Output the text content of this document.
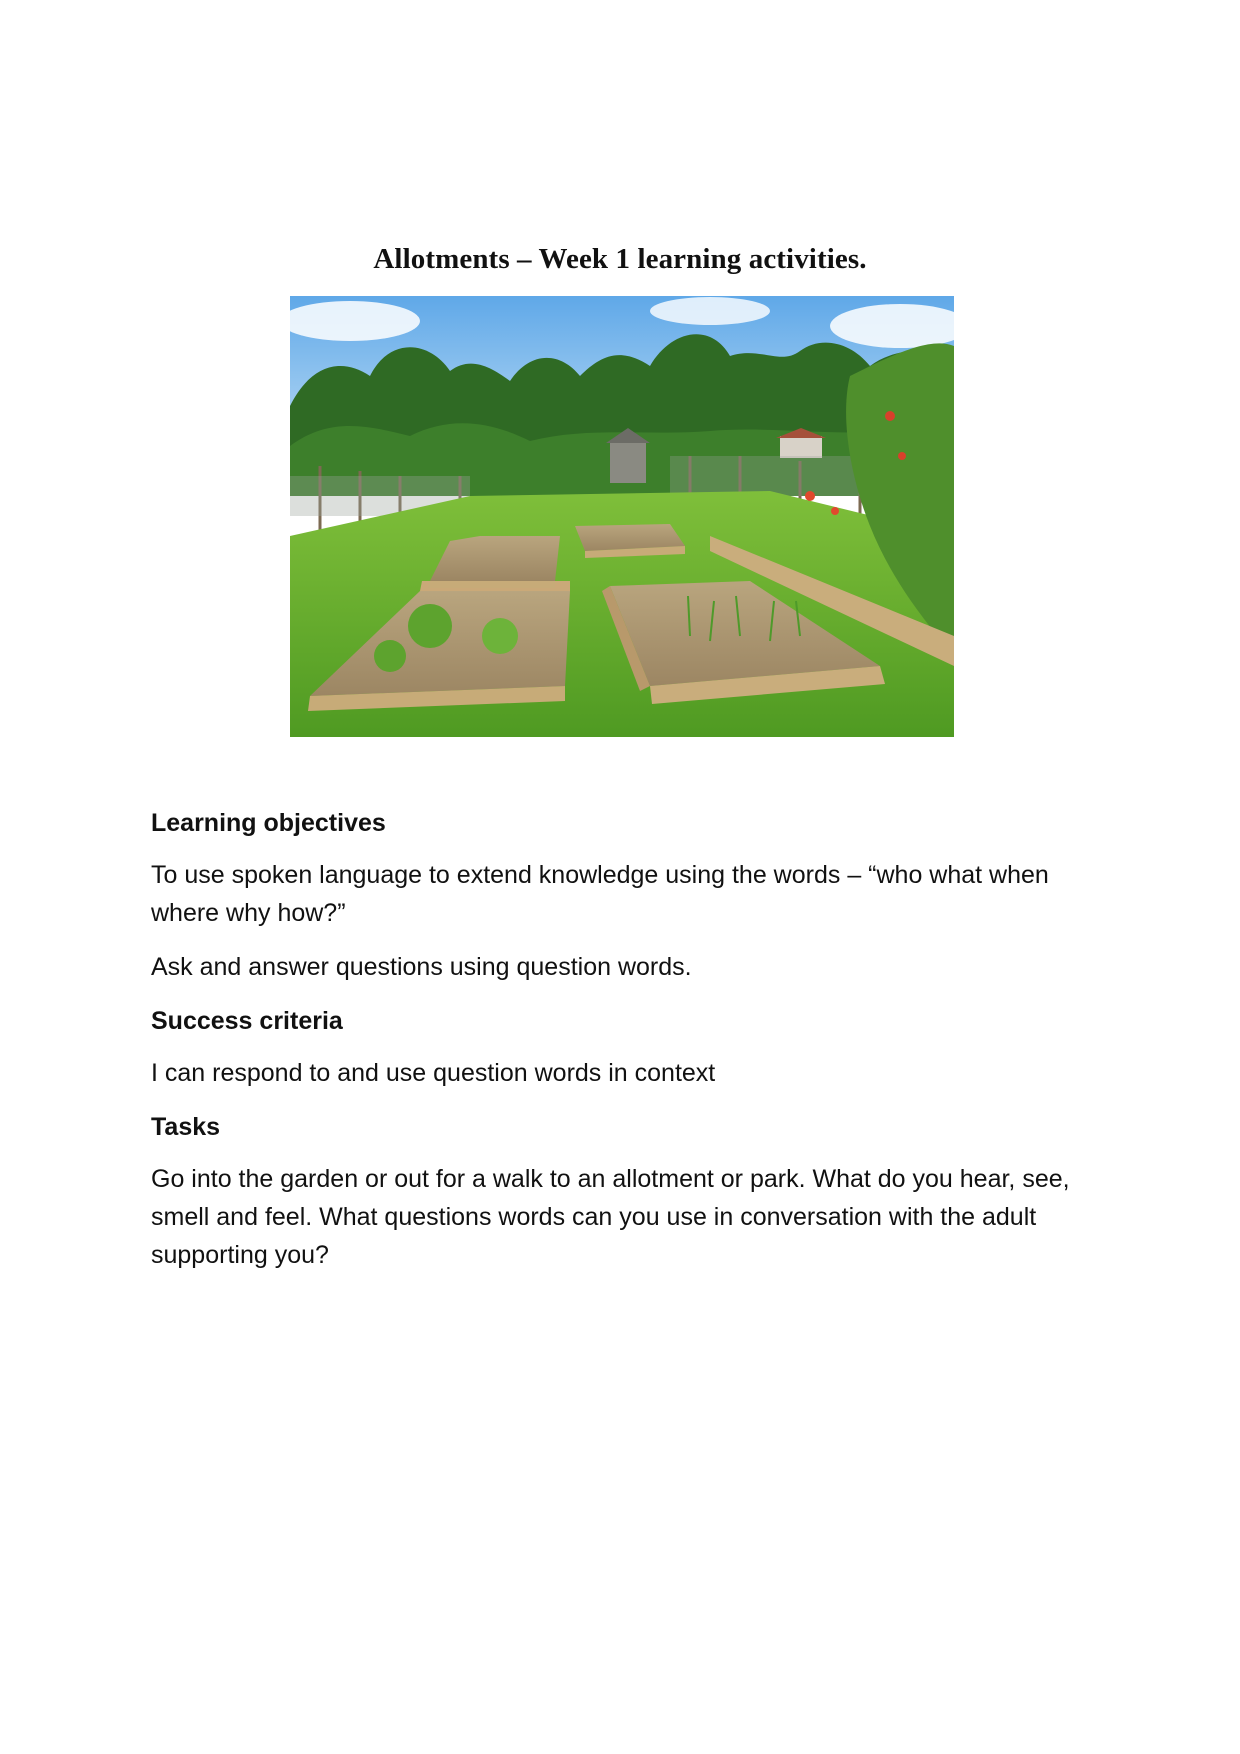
Allotments – Week 1 learning activities.
Learning objectives

To use spoken language to extend knowledge using the words – “who what when where why how?”

Ask and answer questions using question words.

Success criteria

I can respond to and use question words in context

Tasks

Go into the garden or out for a walk to an allotment or park. What do you hear, see, smell and feel. What questions words can you use in conversation with the adult supporting you?
